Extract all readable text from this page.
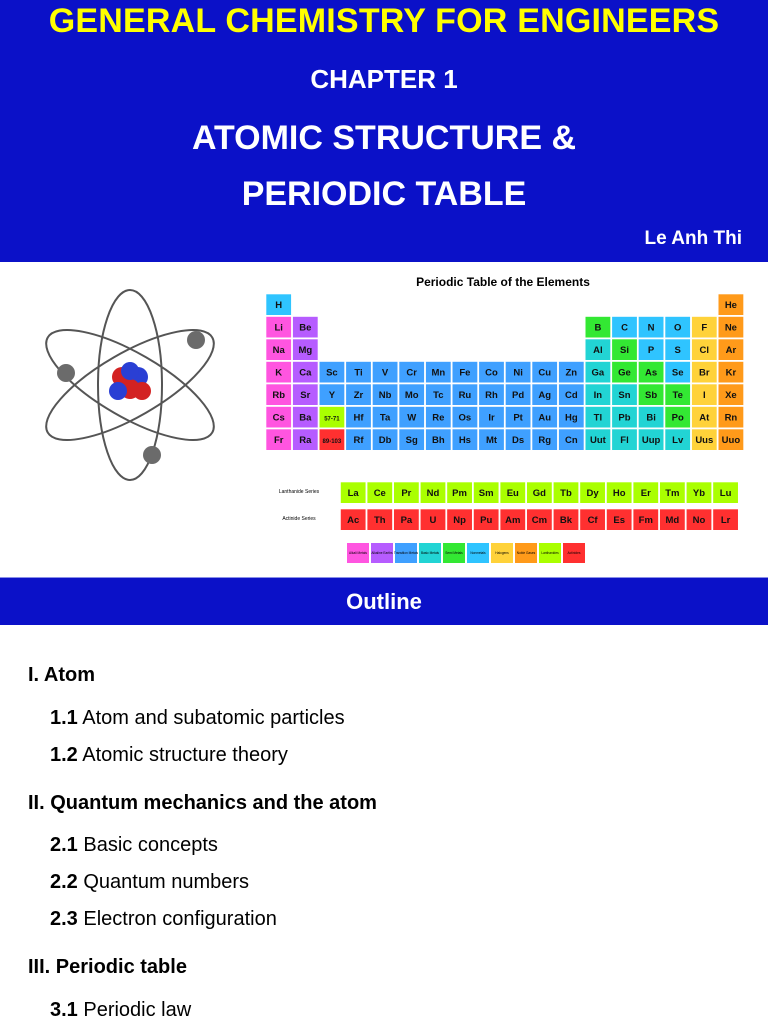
GENERAL CHEMISTRY FOR ENGINEERS
CHAPTER 1
ATOMIC STRUCTURE &
PERIODIC TABLE
Le Anh Thi
Periodic Table of the Elements
H	He
Li Be	B C N O F Ne
Na Mg	Al Si P S Cl Ar
K Ca Sc Ti V Cr Mn Fe Co Ni Cu Zn Ga Ge As Se Br Kr
Rb Sr Y Zr Nb Mo Tc Ru Rh Pd Ag Cd In Sn Sb Te I Xe
Cs Ba 57-71 Hf Ta W Re Os Ir Pt Au Hg Tl Pb Bi Po At Rn
Fr Ra 89-103 Rf Db Sg Bh Hs Mt Ds Rg Cn Uut Fl Uup Lv Uus Uuo
La Ce Pr Nd Pm Sm Eu Gd Tb Dy Ho Er Tm Yb Lu
Ac Th Pa U Np Pu Am Cm Bk Cf Es Fm Md No Lr
Lanthanide Series
Actinide Series
Alkali Metals Alkaline Earths Transition Metals Basic Metals Semi Metals Nonmetals	Halogens	Noble Gases Lanthanides	Actinides
Outline
I. Atom
1.1 Atom and subatomic particles
1.2 Atomic structure theory
II. Quantum mechanics and the atom
2.1 Basic concepts
2.2 Quantum numbers
2.3 Electron configuration
III. Periodic table
3.1 Periodic law
